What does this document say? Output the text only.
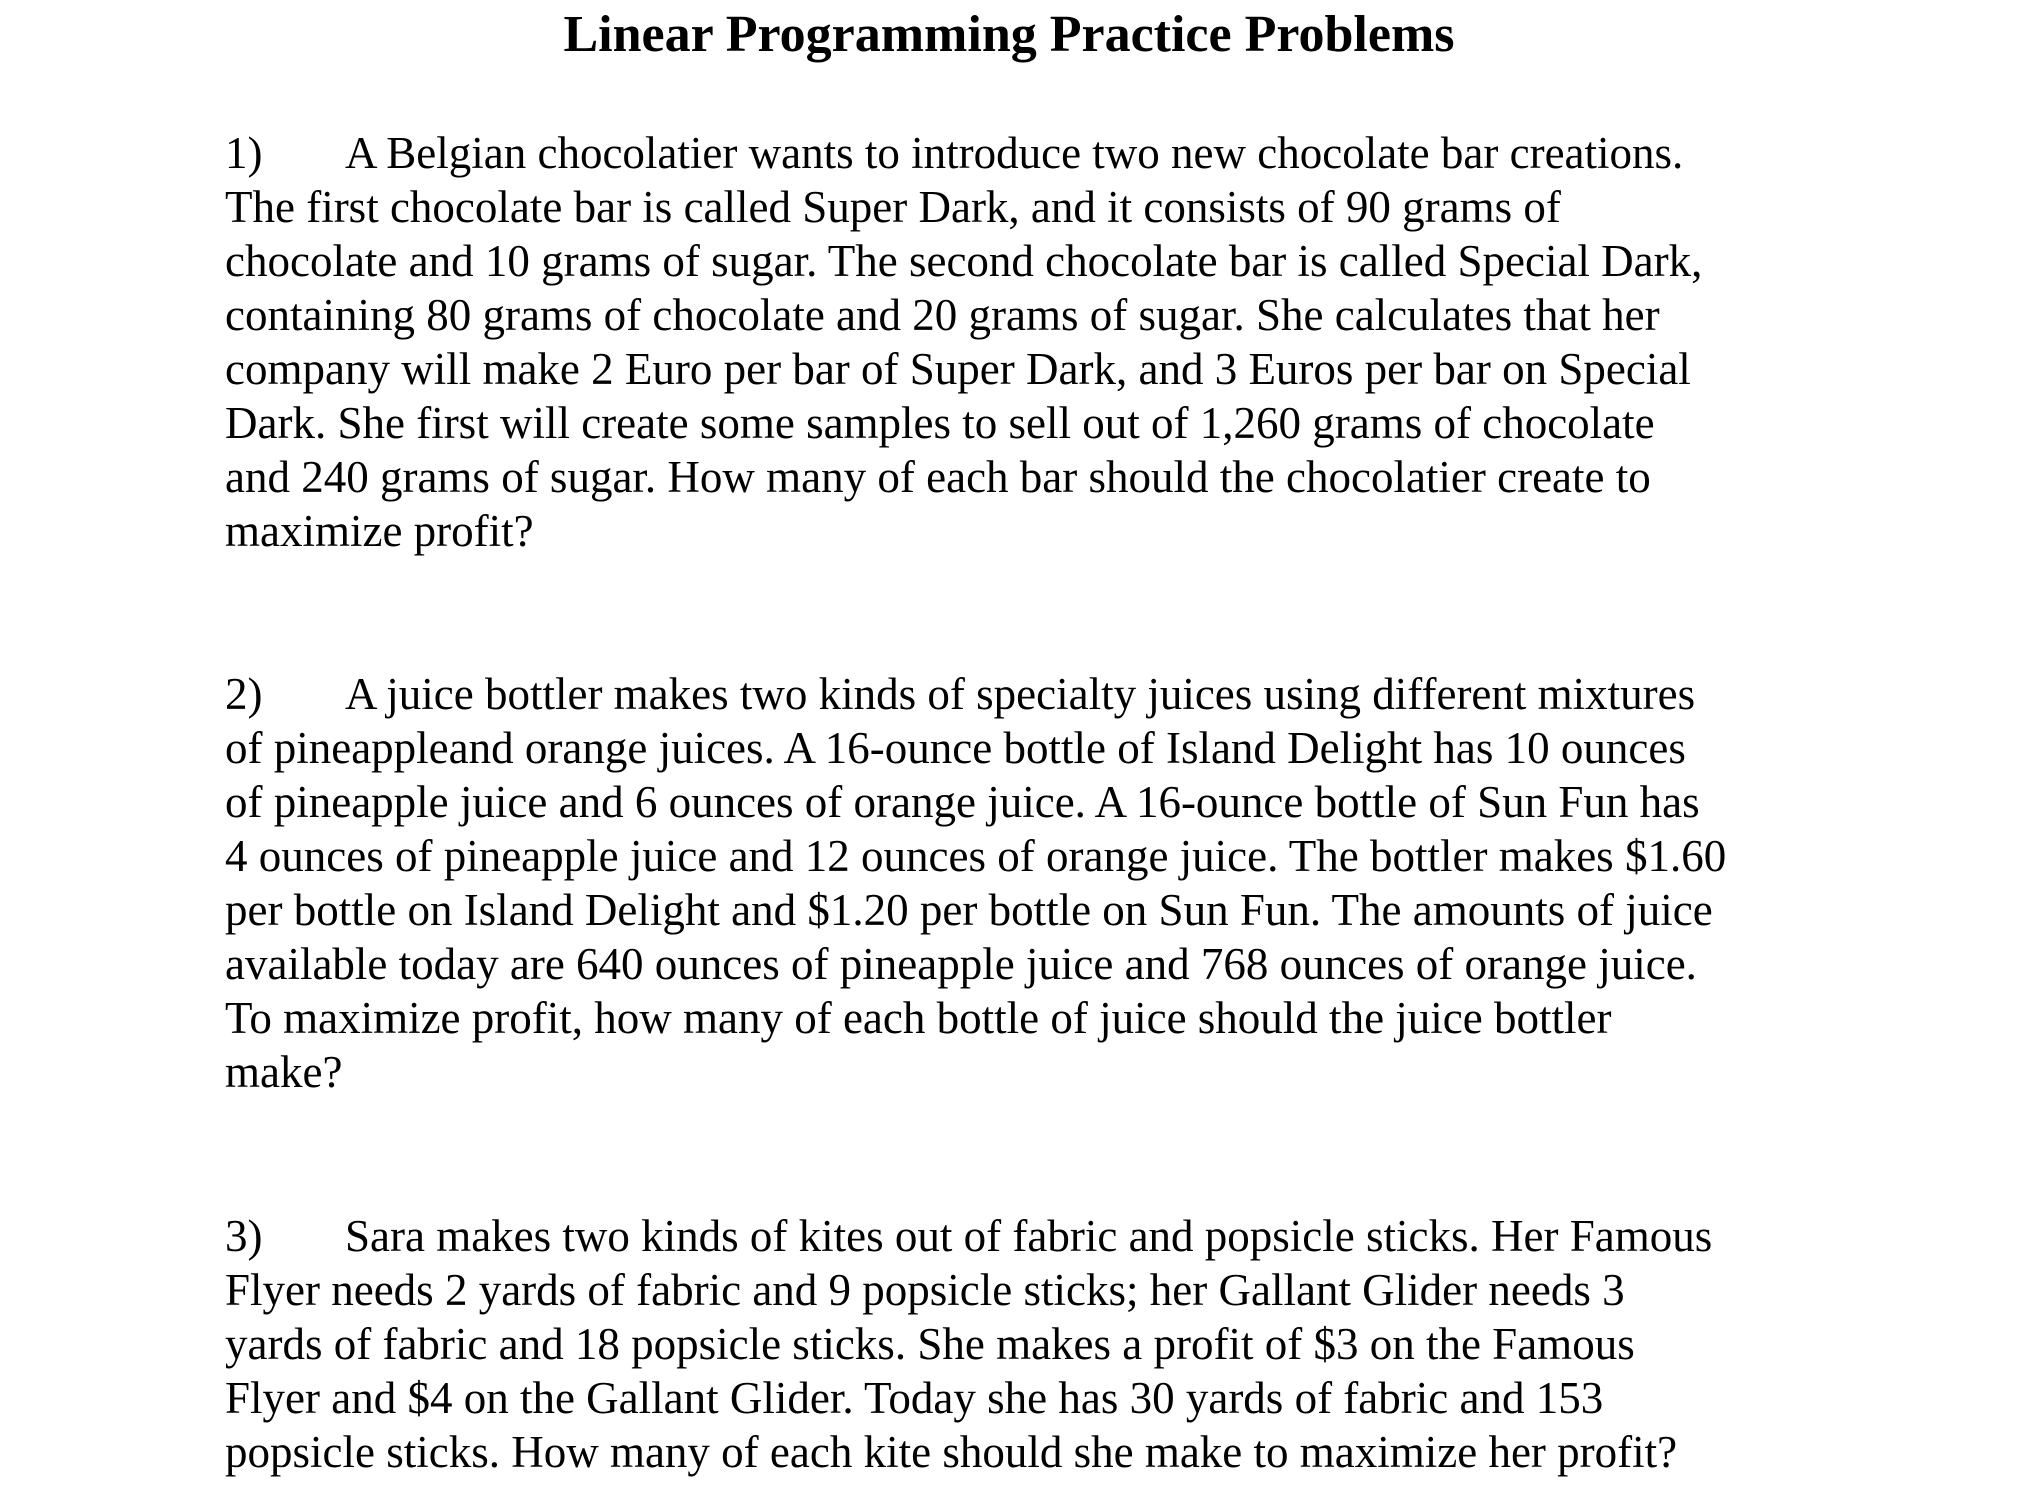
Linear Programming Practice Problems
1) A Belgian chocolatier wants to introduce two new chocolate bar creations.
The first chocolate bar is called Super Dark, and it consists of 90 grams of
chocolate and 10 grams of sugar. The second chocolate bar is called Special Dark,
containing 80 grams of chocolate and 20 grams of sugar. She calculates that her
company will make 2 Euro per bar of Super Dark, and 3 Euros per bar on Special
Dark. She first will create some samples to sell out of 1,260 grams of chocolate
and 240 grams of sugar. How many of each bar should the chocolatier create to
maximize profit?
2) A juice bottler makes two kinds of specialty juices using different mixtures
of pineappleand orange juices. A 16-ounce bottle of Island Delight has 10 ounces
of pineapple juice and 6 ounces of orange juice. A 16-ounce bottle of Sun Fun has
4 ounces of pineapple juice and 12 ounces of orange juice. The bottler makes $1.60
per bottle on Island Delight and $1.20 per bottle on Sun Fun. The amounts of juice
available today are 640 ounces of pineapple juice and 768 ounces of orange juice.
To maximize profit, how many of each bottle of juice should the juice bottler
make?
3) Sara makes two kinds of kites out of fabric and popsicle sticks. Her Famous
Flyer needs 2 yards of fabric and 9 popsicle sticks; her Gallant Glider needs 3
yards of fabric and 18 popsicle sticks. She makes a profit of $3 on the Famous
Flyer and $4 on the Gallant Glider. Today she has 30 yards of fabric and 153
popsicle sticks. How many of each kite should she make to maximize her profit?
